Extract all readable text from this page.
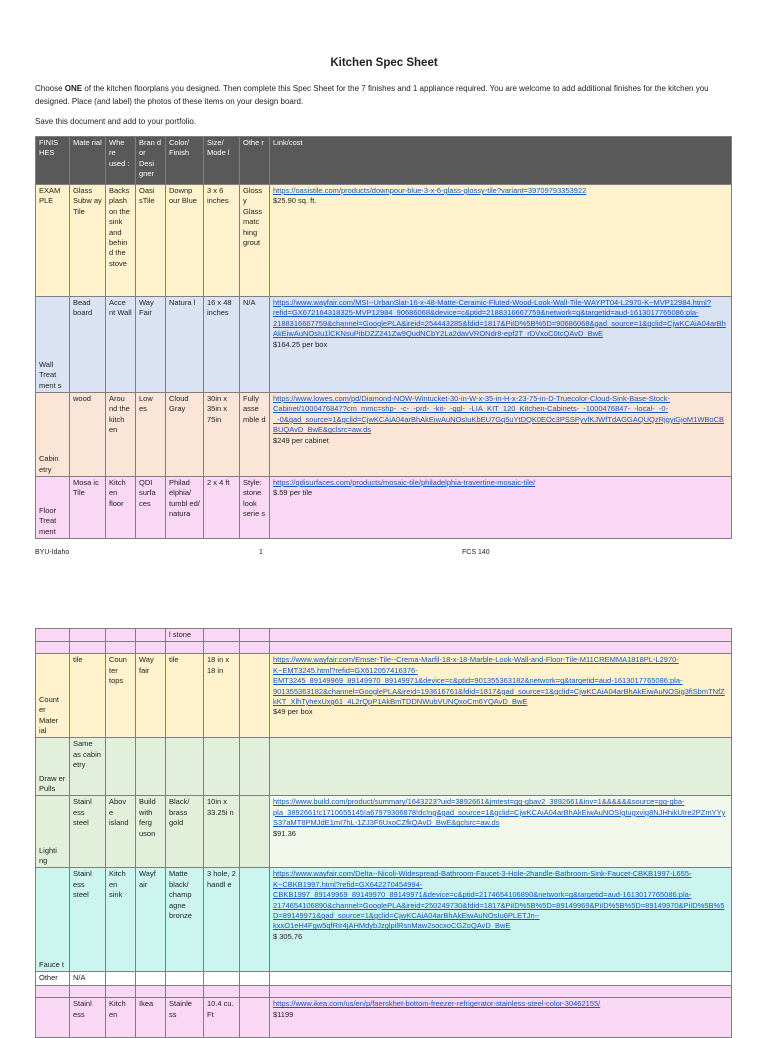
Kitchen Spec Sheet
Choose ONE of the kitchen floorplans you designed. Then complete this Spec Sheet for the 7 finishes and 1 appliance required. You are welcome to add additional finishes for the kitchen you designed. Place (and label) the photos of these items on your design board.
Save this document and add to your portfolio.
FINIS HES	Mate rial	Whe re used :	Bran d or Desi gner	Color/ Finish	Size/ Mode l	Othe r	Link/cost
EXAM PLE	Glass Subw ay Tile	Backs plash on the sink and behin d the stove	Oasi sTile	Downp our Blue	3 x 6 inches	Gloss y Glass matc hing grout	https://oasistile.com/products/downpour-blue-3-x-6-glass-glossy-tile?variant=39709793353922
$25.90 sq. ft.
Wall Treat ment s	Bead board	Acce nt Wall	Way Fair	Natura l	16 x 48 inches	N/A	https://www.wayfair.com/MSI--UrbanSlat-16-x-48-Matte-Ceramic-Fluted-Wood-Look-Wall-Tile-WAYPT04-L2970-K~MVP12984.html?refid=GX672164318325-MVP12984_90686068&device=c&ptid=2188316667759&network=g&targetid=aud-1613017765086:pla-2188316667759&channel=GooglePLA&ireid=254443285&fdid=1817&PiID%5B%5D=90686068&gad_source=1&gclid=CjwKCAiA04arBhAkEiwAuNOsIu1lCKNsuPibDZZ241Zw9QudNCbY2La2davVRONdr8-epf2T_rDVxoC0tcQAvD_BwE
$164.25 per box
Cabin etry	wood	Arou nd the kitch en	Low es	Cloud Gray	30in x 35in x 75in	Fully asse mble d	https://www.lowes.com/pd/Diamond-NOW-Wintucket-30-in-W-x-35-in-H-x-23-75-in-D-Truecolor-Cloud-Sink-Base-Stock-Cabinet/1000476847?cm_mmc=shp-_-c-_-prd-_-kit-_-ggl-_-LIA_KIT_120_Kitchen-Cabinets-_-1000476847-_-local-_-0-_-0&gad_source=1&gclid=CjwKCAiA04arBhAkEiwAuNOsIuKbEU7Gq5uYtDQK0EOc3PSSPyvfKJWfTdAGGAQUQzRjgyiGjoM1WBoCBBUQAvD_BwE&gclsrc=aw.ds
$249 per cabinet
Floor Treat ment	Mosa ic Tile	Kitch en floor	QDI surfa ces	Philad elphia/ tumbl ed/ natura	2 x 4 ft	Style: stone look serie s	https://qdisurfaces.com/products/mosaic-tile/philadelphia-travertine-mosaic-tile/
$.59 per tile
BYU-Idaho	1	FCS 140
				l stone			

Count er Mater ial	tile	Coun ter tops	Way fair	tile	18 in x 18 in		https://www.wayfair.com/Emser-Tile--Crema-Marfil-18-x-18-Marble-Look-Wall-and-Floor-Tile-M11CREMMA1818PL-L2970-K~EMT3245.html?refid=GX612057416376-EMT3245_89149969_89149970_89149971&device=c&ptid=901355363182&network=g&targetid=aud-1613017765086:pla-901355363182&channel=GooglePLA&ireid=193616761&fdid=1817&gad_source=1&gclid=CjwKCAiA04arBhAkEiwAuNOSig3fiSbmTNfZkKT_XlhTyhexUxg61_4L2rQpP1AkBmTDDNWubVUNQxoCm6YQAvD_BwE
$49 per box
Draw er Pulls	Same as cabin etry						
Lighti ng	Stainl ess steel	Abov e island	Build with ferg uson	Black/ brass gold	10in x 33.25i n		https://www.build.com/product/summary/1643223?uid=3892661&jmtest=gg-gbav2_3892661&inv=1&&&&&&source=gg-gba-pla_3892661!c1710655145!a67979306878!dc!ng&gad_source=1&gclid=CjwKCAiA04arBhAkEiwAuNOSIgIugxvig8NJHhikUIre2PZmYYyS37aMT8PMJdE1mI7hL-1ZJ3F6UxoCZfkQAvD_BwE&gclsrc=aw.ds
$91.36
Fauce t	Stainl ess steel	Kitch en sink	Wayf air	Matte black/ champ agne bronze	3 hole, 2 handl e		https://www.wayfair.com/Delta--Nicoli-Widespread-Bathroom-Faucet-3-Hole-2handle-Bathroom-Sink-Faucet-CBKB1997-L655-K~CBKB1997.html?refid=GX642270454994-CBKB1997_89149969_89149970_89149971&device=c&ptid=2174654106890&network=g&targetid=aud-1613017765086:pla-2174654106890&channel=GooglePLA&ireid=250249730&fdid=1817&PiID%5B%5D=89149969&PiID%5B%5D=89149970&PiID%5B%5D=89149971&gad_source=1&gclid=CjwKCAiA04arBhAkEiwAuNOsIu6PLETJn--kxxO1eH4Fgw5qfRIr4jAHMdybJzglpilRsnMaw2socxoCGZoQAvD_BwE
$ 305.76
Other	N/A						

	Stainl ess	Kitch en	Ikea	Stainle ss	10.4 cu. Ft		https://www.ikea.com/us/en/p/faerskhet-bottom-freezer-refrigerator-stainless-steel-color-30462155/
$1199
